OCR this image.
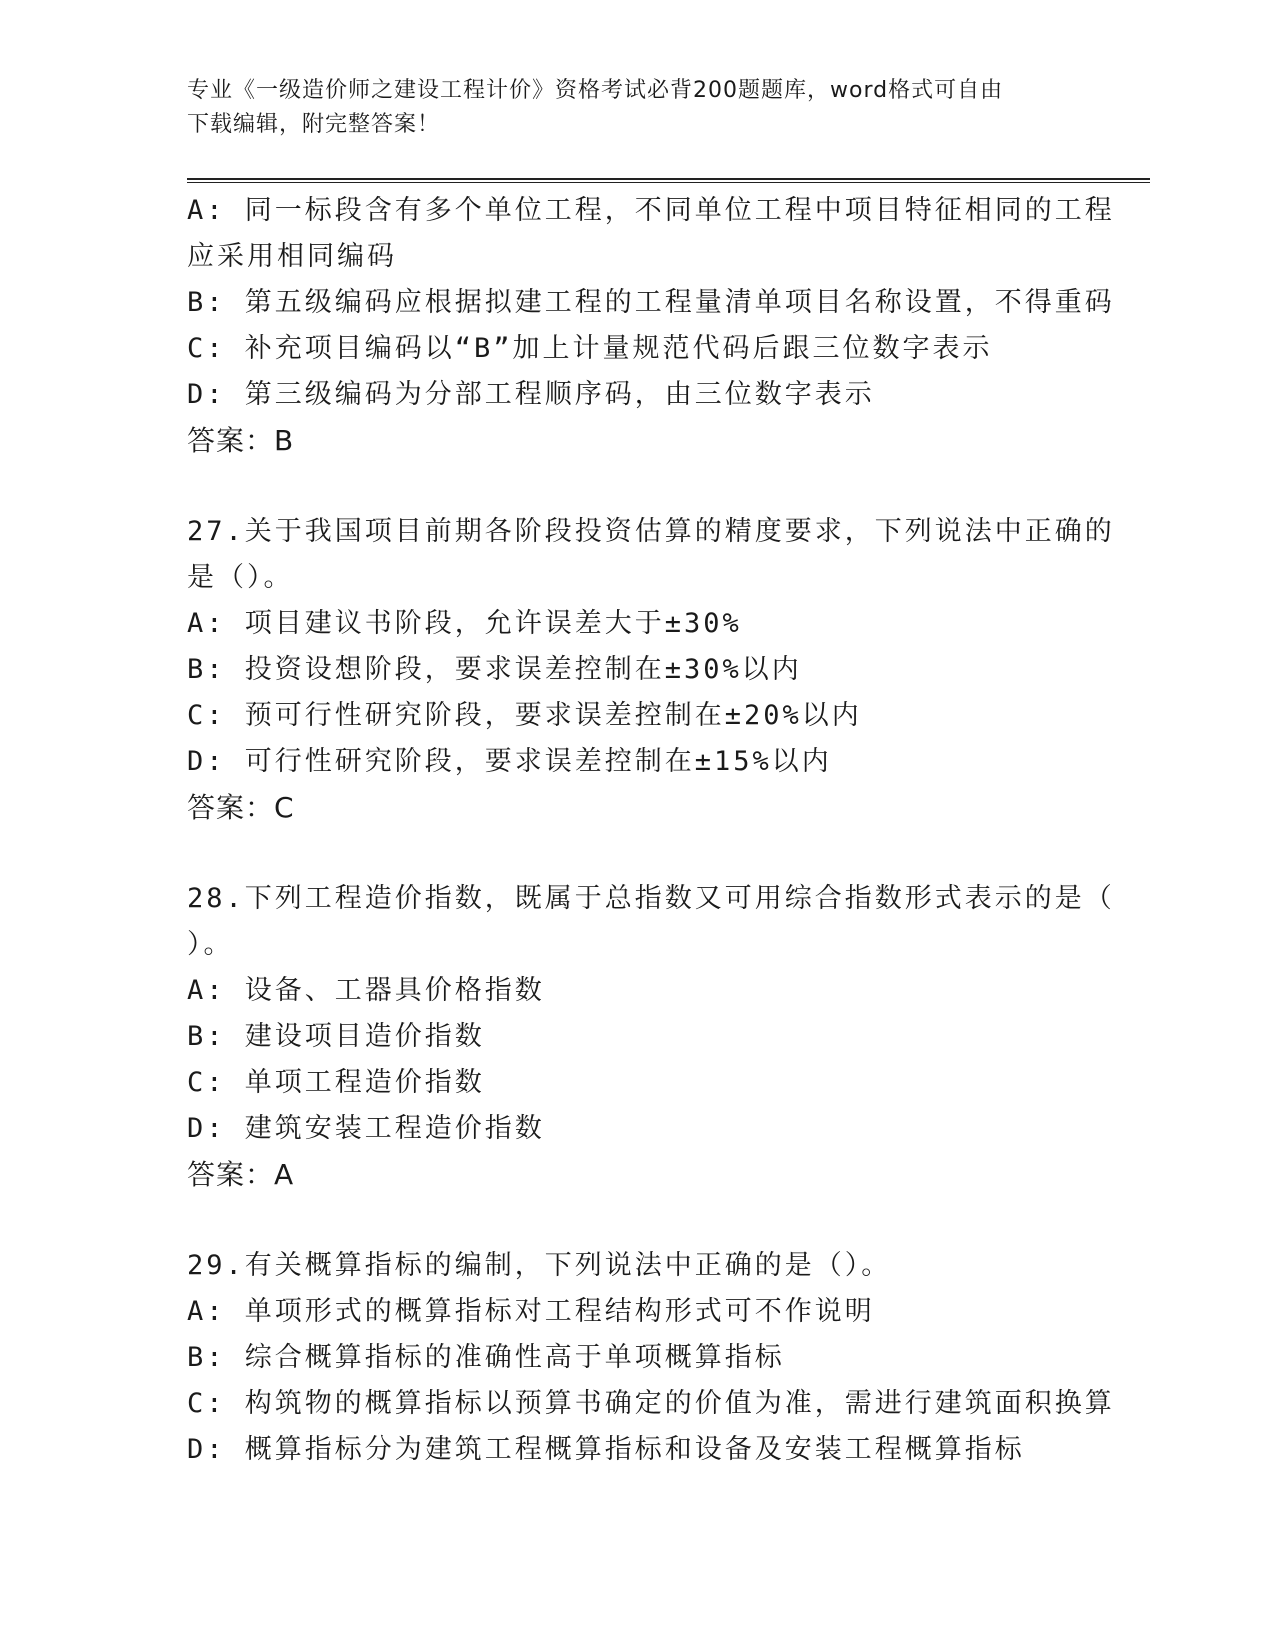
专业《一级造价师之建设工程计价》资格考试必背200题题库，word格式可自由
下载编辑，附完整答案！
A: 同一标段含有多个单位工程，不同单位工程中项目特征相同的工程
应采用相同编码
B: 第五级编码应根据拟建工程的工程量清单项目名称设置，不得重码
C: 补充项目编码以“B”加上计量规范代码后跟三位数字表示
D: 第三级编码为分部工程顺序码，由三位数字表示
答案：B
27.关于我国项目前期各阶段投资估算的精度要求，下列说法中正确的
是（）。
A: 项目建议书阶段，允许误差大于±30%
B: 投资设想阶段，要求误差控制在±30%以内
C: 预可行性研究阶段，要求误差控制在±20%以内
D: 可行性研究阶段，要求误差控制在±15%以内
答案：C
28.下列工程造价指数，既属于总指数又可用综合指数形式表示的是（
）。
A: 设备、工器具价格指数
B: 建设项目造价指数
C: 单项工程造价指数
D: 建筑安装工程造价指数
答案：A
29.有关概算指标的编制，下列说法中正确的是（）。
A: 单项形式的概算指标对工程结构形式可不作说明
B: 综合概算指标的准确性高于单项概算指标
C: 构筑物的概算指标以预算书确定的价值为准，需进行建筑面积换算
D: 概算指标分为建筑工程概算指标和设备及安装工程概算指标
